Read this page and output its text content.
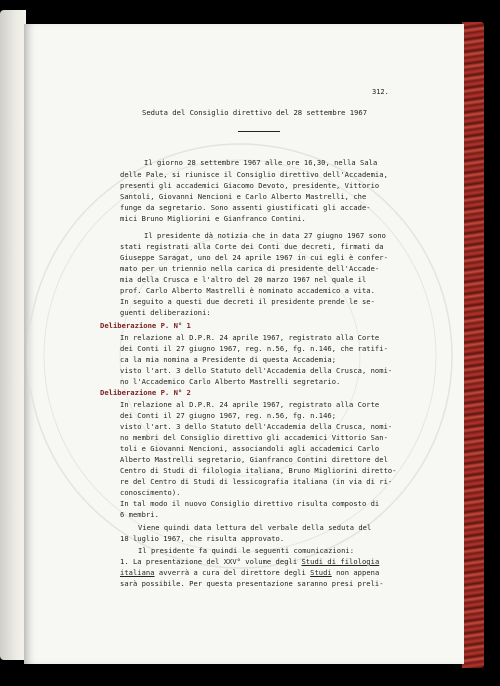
312.
Seduta del Consiglio direttivo del 28 settembre 1967
Il giorno 28 settembre 1967 alle ore 16,30, nella Sala
delle Pale, si riunisce il Consiglio direttivo dell'Accademia,
presenti gli accademici Giacomo Devoto, presidente, Vittorio
Santoli, Giovanni Nencioni e Carlo Alberto Mastrelli, che
funge da segretario. Sono assenti giustificati gli accade-
mici Bruno Migliorini e Gianfranco Contini.
Il presidente dà notizia che in data 27 giugno 1967 sono
stati registrati alla Corte dei Conti due decreti, firmati da
Giuseppe Saragat, uno del 24 aprile 1967 in cui egli è confer-
mato per un triennio nella carica di presidente dell'Accade-
mia della Crusca e l'altro del 20 marzo 1967 nel quale il
prof. Carlo Alberto Mastrelli è nominato accademico a vita.
In seguito a questi due decreti il presidente prende le se-
guenti deliberazioni:
Deliberazione P. N° 1
In relazione al D.P.R. 24 aprile 1967, registrato alla Corte
dei Conti il 27 giugno 1967, reg. n.56, fg. n.146, che ratifi-
ca la mia nomina a Presidente di questa Accademia;
visto l'art. 3 dello Statuto dell'Accademia della Crusca, nomi-
no l'Accademico Carlo Alberto Mastrelli segretario.
Deliberazione P. N° 2
In relazione al D.P.R. 24 aprile 1967, registrato alla Corte
dei Conti il 27 giugno 1967, reg. n.56, fg. n.146;
visto l'art. 3 dello Statuto dell'Accademia della Crusca, nomi-
no membri del Consiglio direttivo gli accademici Vittorio San-
toli e Giovanni Nencioni, associandoli agli accademici Carlo
Alberto Mastrelli segretario, Gianfranco Contini direttore del
Centro di Studi di filologia italiana, Bruno Migliorini diretto-
re del Centro di Studi di lessicografia italiana (in via di ri-
conoscimento).
In tal modo il nuovo Consiglio direttivo risulta composto di
6 membri.
Viene quindi data lettura del verbale della seduta del
18 luglio 1967, che risulta approvato.
Il presidente fa quindi le seguenti comunicazioni:
1. La presentazione del XXV° volume degli Studi di filologia
italiana avverrà a cura del direttore degli Studi non appena
sarà possibile. Per questa presentazione saranno presi preli-
